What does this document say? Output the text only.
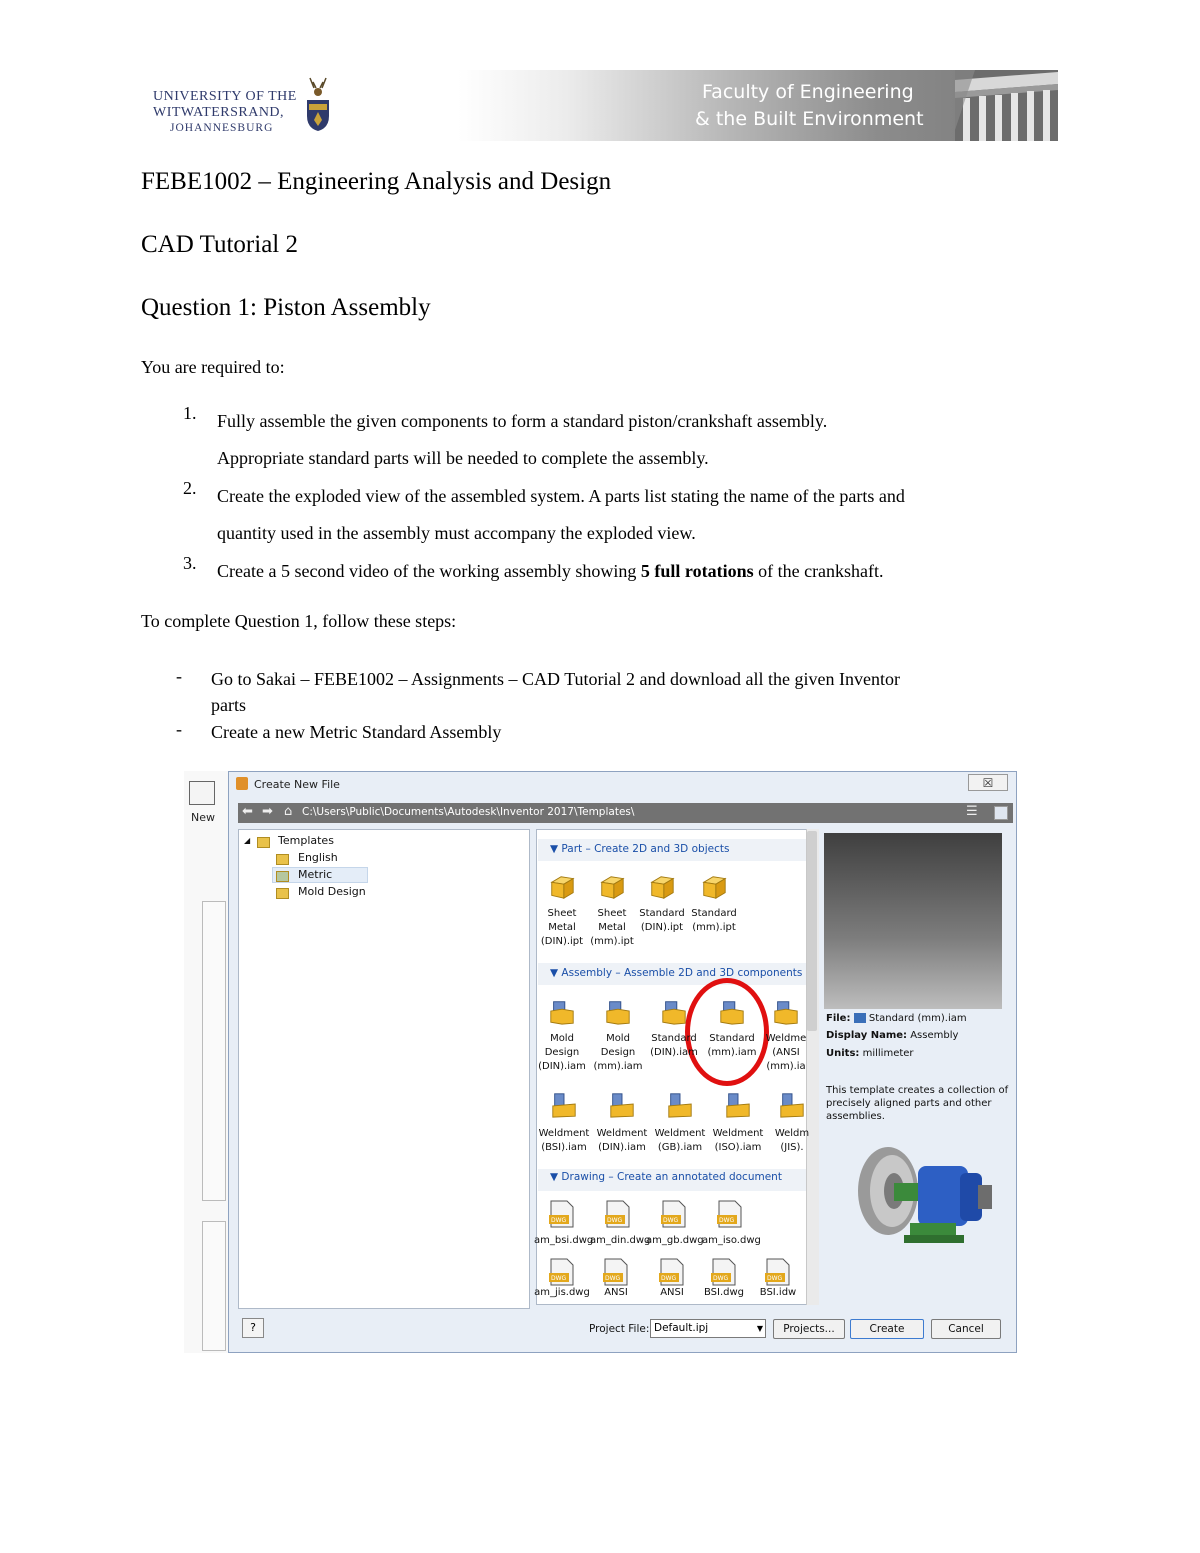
UNIVERSITY OF THE
WITWATERSRAND,
JOHANNESBURG
Faculty of Engineering
& the Built Environment
FEBE1002 – Engineering Analysis and Design
CAD Tutorial 2
Question 1: Piston Assembly
You are required to:
1. Fully assemble the given components to form a standard piston/crankshaft assembly.
Appropriate standard parts will be needed to complete the assembly.
2. Create the exploded view of the assembled system. A parts list stating the name of the parts and
quantity used in the assembly must accompany the exploded view.
3. Create a 5 second video of the working assembly showing 5 full rotations of the crankshaft.
To complete Question 1, follow these steps:
- Go to Sakai – FEBE1002 – Assignments – CAD Tutorial 2 and download all the given Inventor
parts
- Create a new Metric Standard Assembly
New
Create New File	☒
⬅ ➡ ⌂ C:\Users\Public\Documents\Autodesk\Inventor 2017\Templates\	☰
◢	Templates
English
Metric
Mold Design
▼ Part – Create 2D and 3D objects
▼ Assembly – Assemble 2D and 3D components
▼ Drawing – Create an annotated document
File: Standard (mm).iam
Display Name: Assembly
Units: millimeter
This template creates a collection of
precisely aligned parts and other
assemblies.
?	Project File: Default.ipj	▼	Projects...	Create	Cancel
Sheet
Metal
(DIN).ipt
Sheet
Metal
(mm).ipt
Standard
(DIN).ipt
Standard
(mm).ipt
Mold
Design
(DIN).iam
Mold
Design
(mm).iam
Standard
(DIN).iam
Standard
(mm).iam
Weldme
(ANSI
(mm).ia
Weldment
(BSI).iam
Weldment
(DIN).iam
Weldment
(GB).iam
Weldment
(ISO).iam
Weldm
(JIS).
DWG
am_bsi.dwg
DWG
am_din.dwg
DWG
am_gb.dwg
DWG
am_iso.dwg
DWG
am_jis.dwg
DWG
ANSI
DWG
ANSI
DWG
BSI.dwg
DWG
BSI.idw
